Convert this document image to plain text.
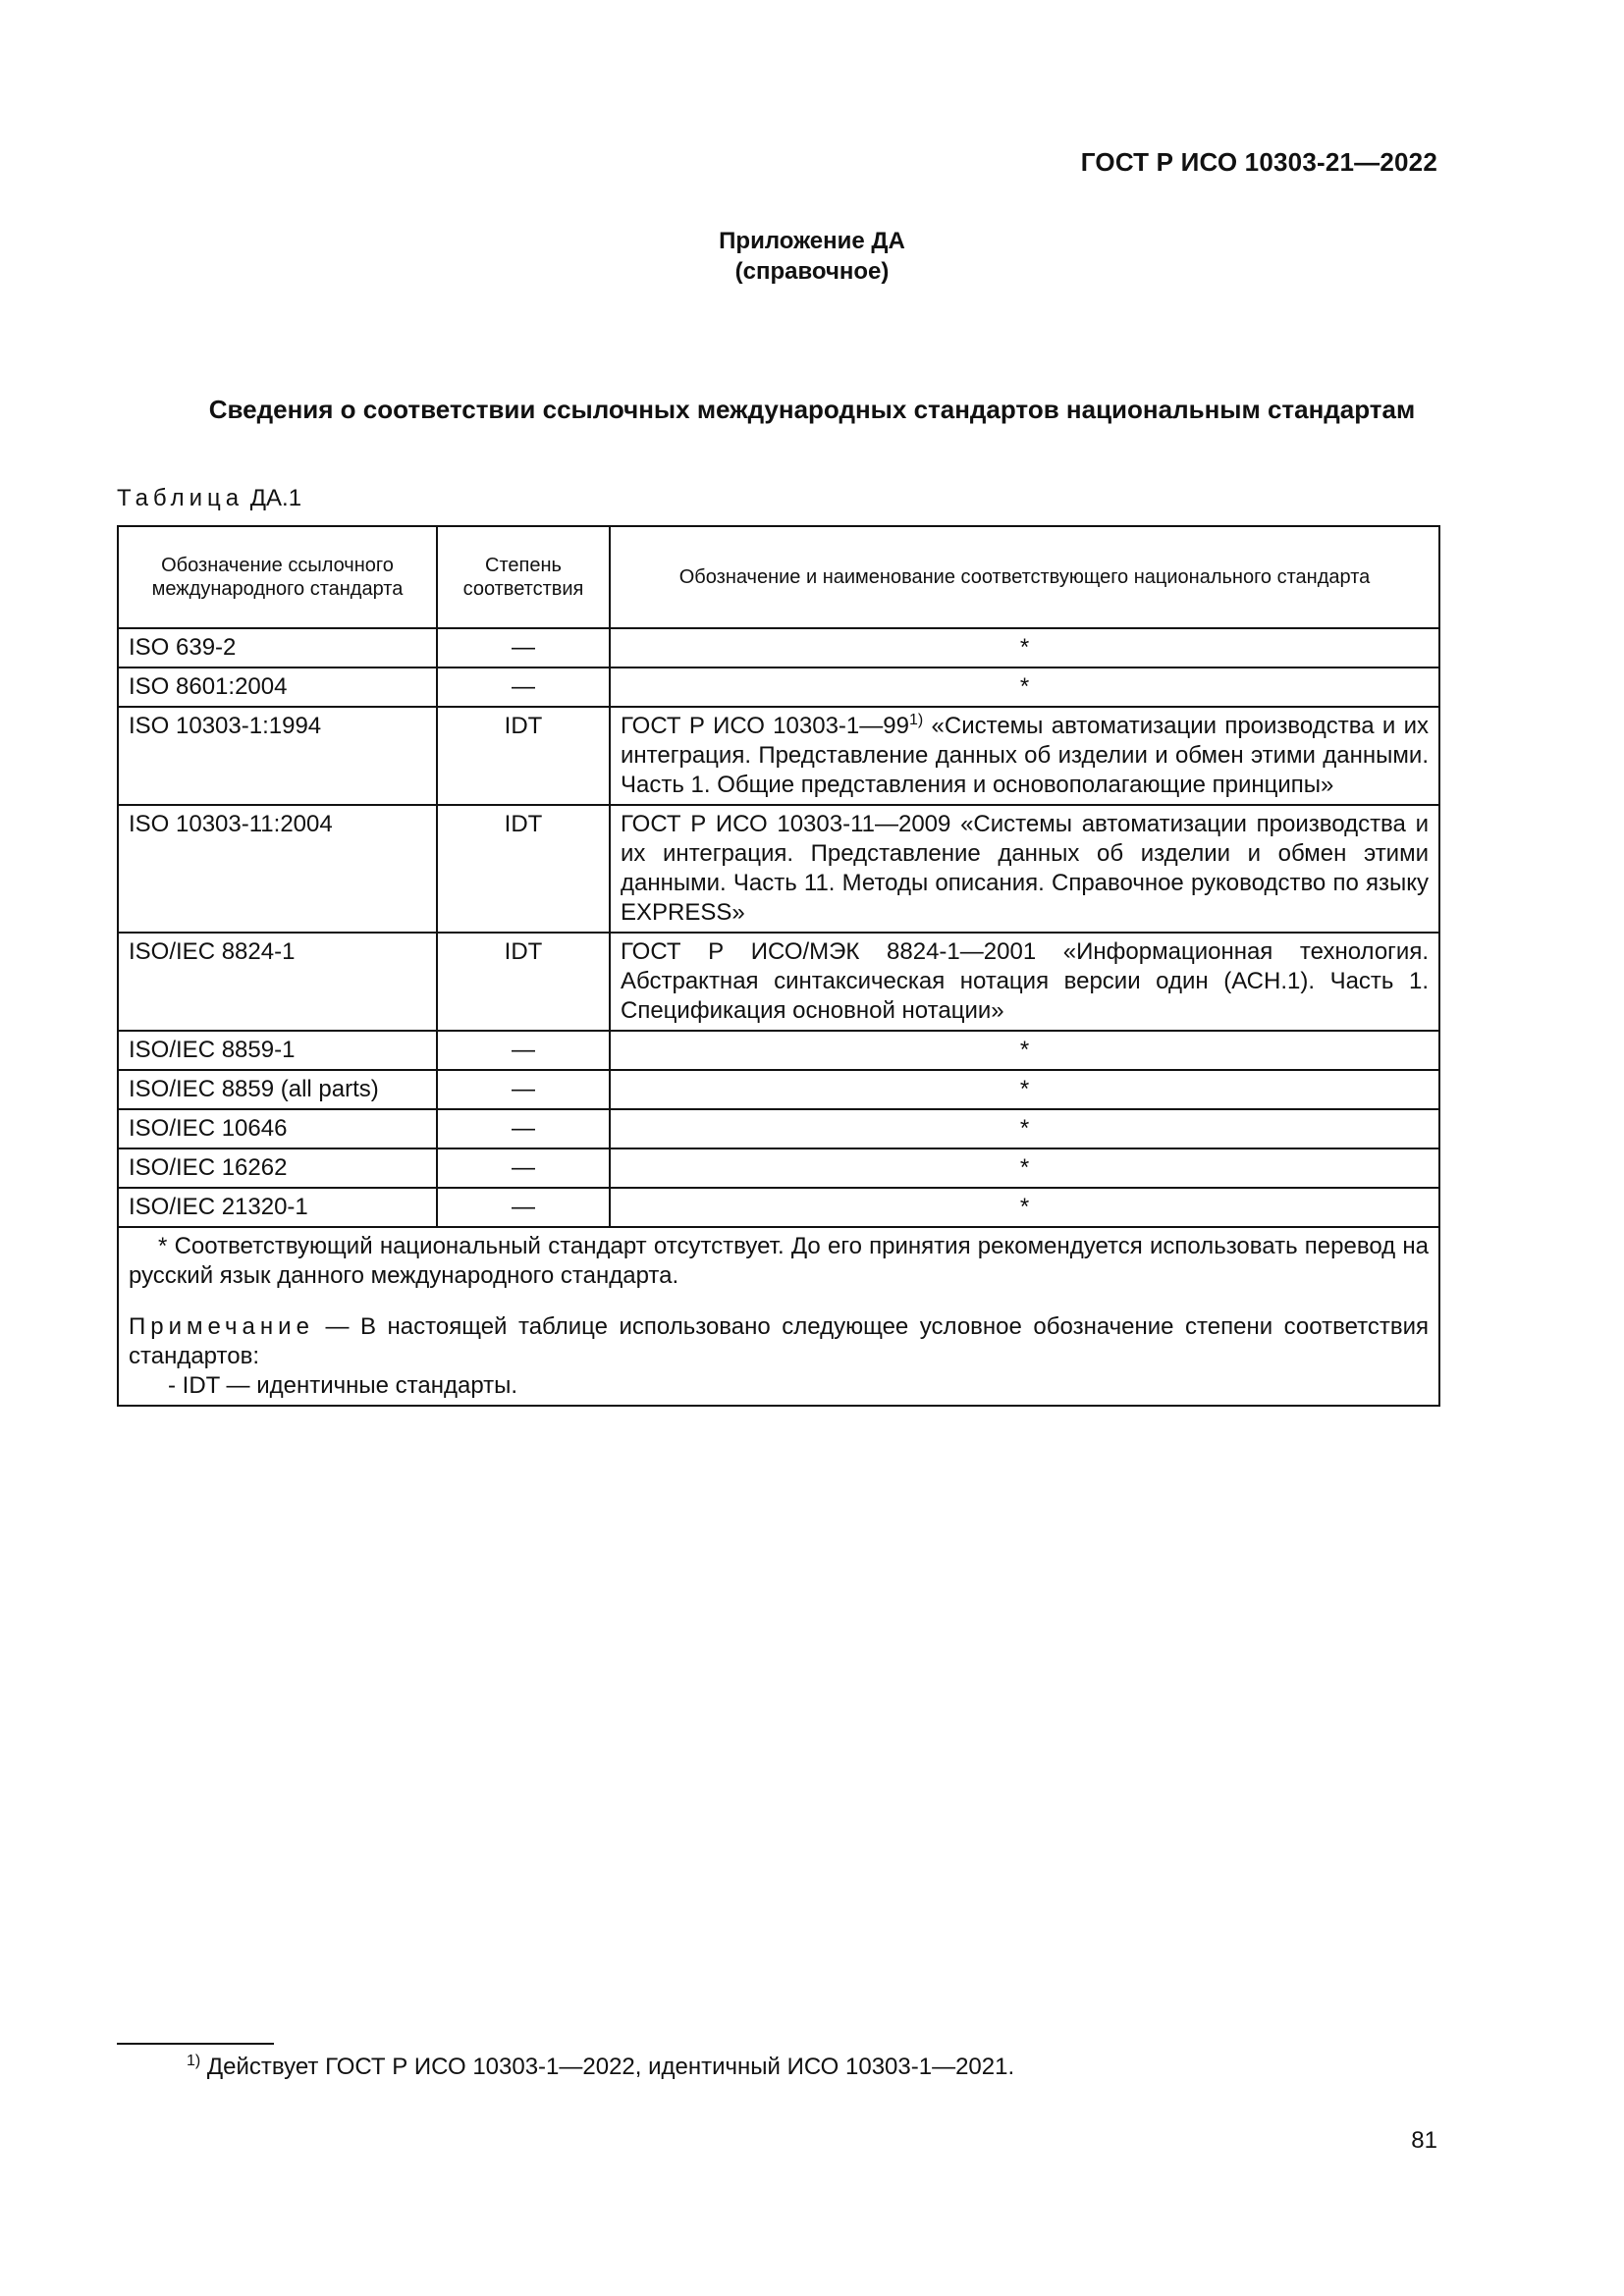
ГОСТ Р ИСО 10303-21—2022
Приложение ДА
(справочное)
Сведения о соответствии ссылочных международных стандартов национальным стандартам
Таблица ДА.1
Обозначение ссылочного международного стандарта	Степень соответствия	Обозначение и наименование соответствующего национального стандарта
ISO 639-2	—	*
ISO 8601:2004	—	*
ISO 10303-1:1994	IDT	ГОСТ Р ИСО 10303-1—99$^{1)}$ «Системы автоматизации производства и их интеграция. Представление данных об изделии и обмен этими данными. Часть 1. Общие представления и основополагающие принципы»
ISO 10303-11:2004	IDT	ГОСТ Р ИСО 10303-11—2009 «Системы автоматизации производства и их интеграция. Представление данных об изделии и обмен этими данными. Часть 11. Методы описания. Справочное руководство по языку EXPRESS»
ISO/IEC 8824-1	IDT	ГОСТ Р ИСО/МЭК 8824-1—2001 «Информационная технология. Абстрактная синтаксическая нотация версии один (АСН.1). Часть 1. Спецификация основной нотации»
ISO/IEC 8859-1	—	*
ISO/IEC 8859 (all parts)	—	*
ISO/IEC 10646	—	*
ISO/IEC 16262	—	*
ISO/IEC 21320-1	—	*

* Соответствующий национальный стандарт отсутствует. До его принятия рекомендуется использовать перевод на русский язык данного международного стандарта.

Примечание — В настоящей таблице использовано следующее условное обозначение степени соответствия стандартов:

- IDT — идентичные стандарты.		

$^{1)}$ Действует ГОСТ Р ИСО 10303-1—2022, идентичный ИСО 10303-1—2021.
81
